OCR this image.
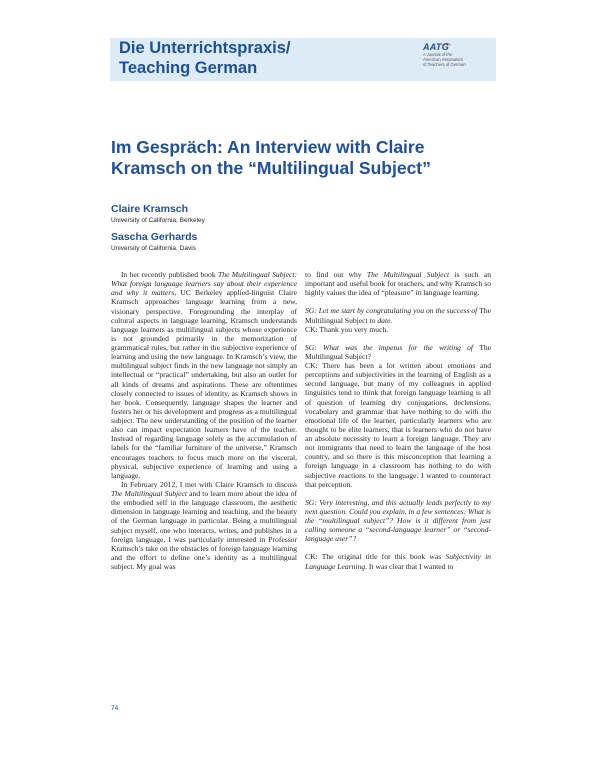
Die Unterrichtspraxis/
Teaching German
AATG
A Journal of the
American Association
of Teachers of German
Im Gespräch: An Interview with Claire Kramsch on the “Multilingual Subject”
Claire Kramsch
University of California, Berkeley
Sascha Gerhards
University of California, Davis

In her recently published book The Multilingual Subject: What foreign language learners say about their experience and why it matters, UC Berkeley applied-linguist Claire Kramsch approaches language learning from a new, visionary perspective. Foregrounding the interplay of cultural aspects in language learning, Kramsch understands language learners as multilingual subjects whose experience is not grounded primarily in the memorization of grammatical rules, but rather in the subjective experience of learning and using the new language. In Kramsch’s view, the multilingual subject finds in the new language not simply an intellectual or “practical” undertaking, but also an outlet for all kinds of dreams and aspirations. These are oftentimes closely connected to issues of identity, as Kramsch shows in her book. Consequently, language shapes the learner and fosters her or his development and progress as a multilingual subject. The new understanding of the position of the learner also can impact expectation learners have of the teacher. Instead of regarding language solely as the accumulation of labels for the “familiar furniture of the universe,” Kramsch encourages teachers to focus much more on the visceral, physical, subjective experience of learning and using a language.

In February 2012, I met with Claire Kramsch to discuss The Multilingual Subject and to learn more about the idea of the embodied self in the language classroom, the aesthetic dimension in language learning and teaching, and the beauty of the German language in particular. Being a multilingual subject myself, one who interacts, writes, and publishes in a foreign language, I was particularly interested in Professor Kramsch’s take on the obstacles of foreign language learning and the effort to define one’s identity as a multilingual subject. My goal was

to find out why The Multilingual Subject is such an important and useful book for teachers, and why Kramsch so highly values the idea of “pleasure” in language learning.

SG: Let me start by congratulating you on the success of The Multilingual Subject to date.

CK: Thank you very much.

SG: What was the impetus for the writing of The Multilingual Subject?

CK: There has been a lot written about emotions and perceptions and subjectivities in the learning of English as a second language, but many of my colleagues in applied linguistics tend to think that foreign language learning is all of question of learning dry conjugations, declensions, vocabulary and grammar that have nothing to do with the emotional life of the learner, particularly learners who are thought to be elite learners, that is learners who do not have an absolute necessity to learn a foreign language. They are not immigrants that need to learn the language of the host country, and so there is this misconception that learning a foreign language in a classroom has nothing to do with subjective reactions to the language. I wanted to counteract that perception.

SG: Very interesting, and this actually leads perfectly to my next question. Could you explain, in a few sentences: What is the “multilingual subject”? How is it different from just calling someone a “second-language learner” or “second-language user”?

CK: The original title for this book was Subjectivity in Language Learning. It was clear that I wanted to

74
